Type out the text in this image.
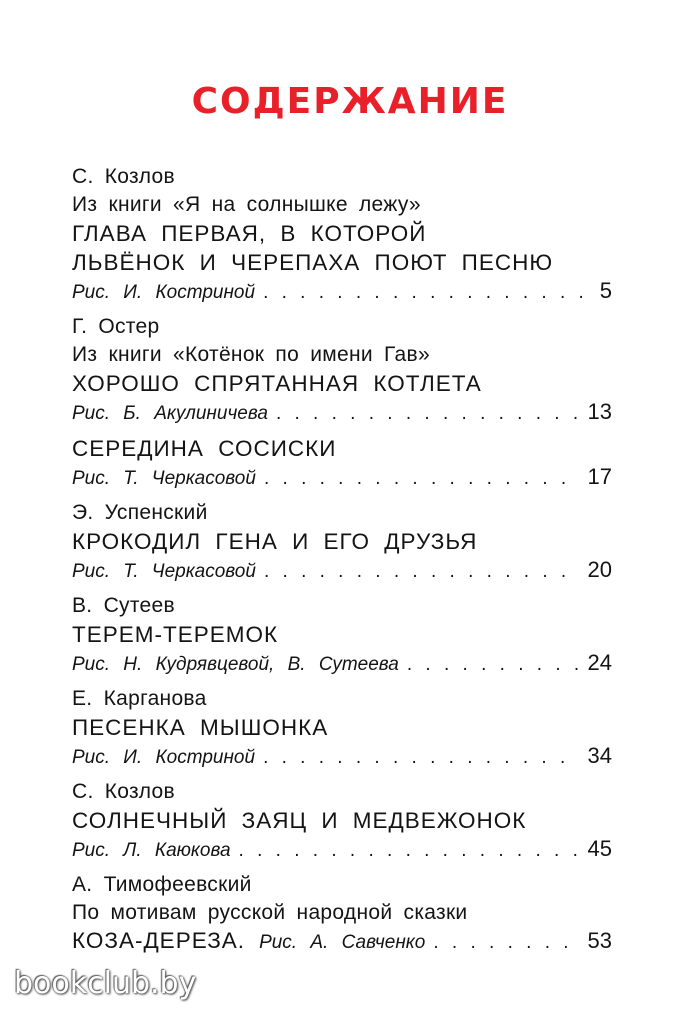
СОДЕРЖАНИЕ
С. Козлов
Из книги «Я на солнышке лежу»
ГЛАВА ПЕРВАЯ, В КОТОРОЙ
ЛЬВЁНОК И ЧЕРЕПАХА ПОЮТ ПЕСНЮ
Рис. И. Костриной . . .	5
Г. Остер
Из книги «Котёнок по имени Гав»
ХОРОШО СПРЯТАННАЯ КОТЛЕТА
Рис. Б. Акулиничева . . .	13
СЕРЕДИНА СОСИСКИ
Рис. Т. Черкасовой . . .	17
Э. Успенский
КРОКОДИЛ ГЕНА И ЕГО ДРУЗЬЯ
Рис. Т. Черкасовой . . .	20
В. Сутеев
ТЕРЕМ-ТЕРЕМОК
Рис. Н. Кудрявцевой, В. Сутеева . . .	24
Е. Карганова
ПЕСЕНКА МЫШОНКА
Рис. И. Костриной . . .	34
С. Козлов
СОЛНЕЧНЫЙ ЗАЯЦ И МЕДВЕЖОНОК
Рис. Л. Каюкова . . .	45
А. Тимофеевский
По мотивам русской народной сказки
КОЗА-ДЕРЕЗА. Рис. А. Савченко . . .	53
bookclub.by
